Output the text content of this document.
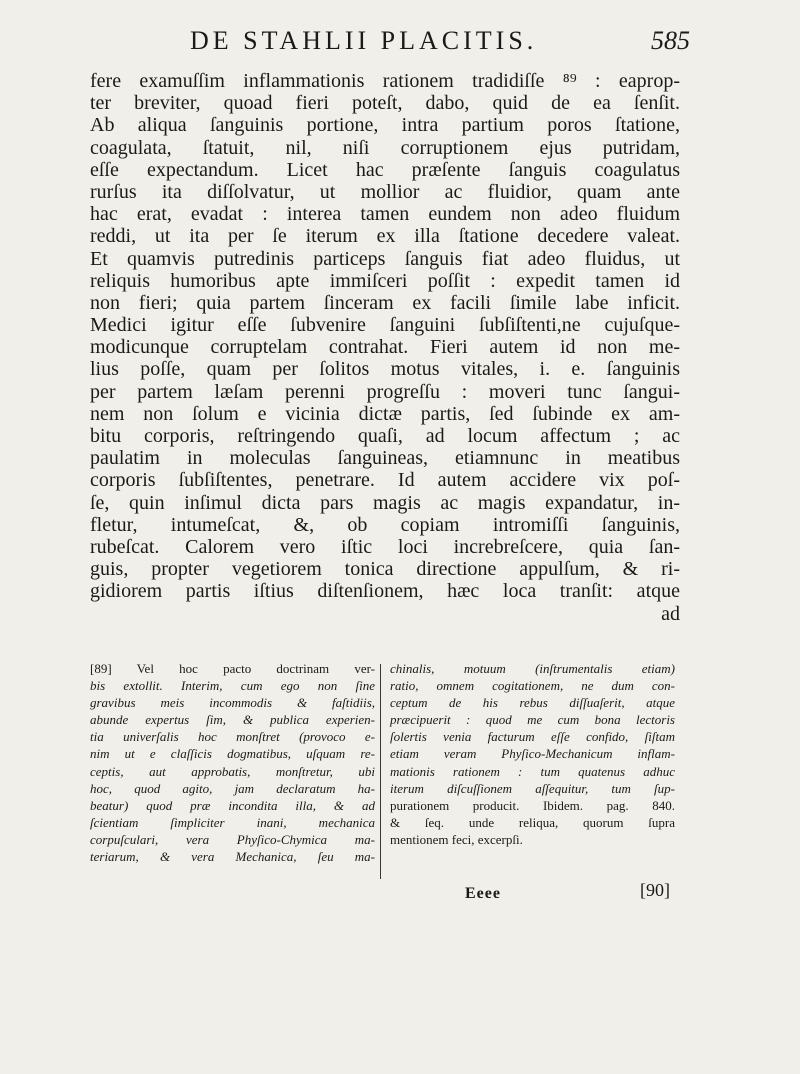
DE STAHLII PLACITIS.	585
fere examuſſim inflammationis rationem tradidiſſe ⁸⁹ : eaprop-
ter breviter, quoad fieri poteſt, dabo, quid de ea ſenſit.
Ab aliqua ſanguinis portione, intra partium poros ſtatione,
coagulata, ſtatuit, nil, niſi corruptionem ejus putridam,
eſſe expectandum. Licet hac præſente ſanguis coagulatus
rurſus ita diſſolvatur, ut mollior ac fluidior, quam ante
hac erat, evadat : interea tamen eundem non adeo fluidum
reddi, ut ita per ſe iterum ex illa ſtatione decedere valeat.
Et quamvis putredinis particeps ſanguis fiat adeo fluidus, ut
reliquis humoribus apte immiſceri poſſit : expedit tamen id
non fieri; quia partem ſinceram ex facili ſimile labe inficit.
Medici igitur eſſe ſubvenire ſanguini ſubſiſtenti,ne cujuſque-
modicunque corruptelam contrahat. Fieri autem id non me-
lius poſſe, quam per ſolitos motus vitales, i. e. ſanguinis
per partem læſam perenni progreſſu : moveri tunc ſangui-
nem non ſolum e vicinia dictæ partis, ſed ſubinde ex am-
bitu corporis, reſtringendo quaſi, ad locum affectum ; ac
paulatim in moleculas ſanguineas, etiamnunc in meatibus
corporis ſubſiſtentes, penetrare. Id autem accidere vix poſ-
ſe, quin inſimul dicta pars magis ac magis expandatur, in-
fletur, intumeſcat, &, ob copiam intromiſſi ſanguinis,
rubeſcat. Calorem vero iſtic loci increbreſcere, quia ſan-
guis, propter vegetiorem tonica directione appulſum, & ri-
gidiorem partis iſtius diſtenſionem, hæc loca tranſit: atque
ad
[89] Vel hoc pacto doctrinam ver-
bis extollit. Interim, cum ego non ſine
gravibus meis incommodis & faſtidiis,
abunde expertus ſim, & publica experien-
tia univerſalis hoc monſtret (provoco e-
nim ut e claſſicis dogmatibus, uſquam re-
ceptis, aut approbatis, monſtretur, ubi
hoc, quod agito, jam declaratum ha-
beatur) quod præ incondita illa, & ad
ſcientiam ſimpliciter inani, mechanica
corpuſculari, vera Phyſico-Chymica ma-
teriarum, & vera Mechanica, ſeu ma-
chinalis, motuum (inſtrumentalis etiam)
ratio, omnem cogitationem, ne dum con-
ceptum de his rebus diſſuaſerit, atque
præcipuerit : quod me cum bona lectoris
ſolertis venia facturum eſſe confido, ſiſtam
etiam veram Phyſico-Mechanicum inflam-
mationis rationem : tum quatenus adhuc
iterum diſcuſſionem aſſequitur, tum ſup-
purationem producit. Ibidem. pag. 840.
& ſeq. unde reliqua, quorum ſupra
mentionem feci, excerpſi.
Eeee	[90]
